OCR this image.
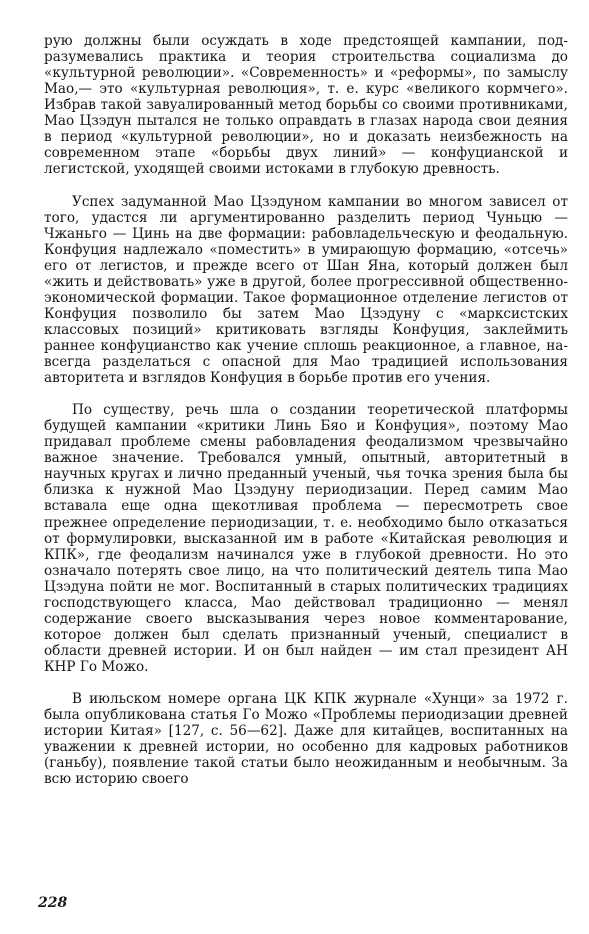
рую должны были осуждать в ходе предстоящей кампании, подразумевались практика и теория строительства социализма до «культурной революции». «Современность» и «реформы», по замыслу Мао,— это «культурная революция», т. е. курс «великого кормчего». Избрав такой завуалированный метод борьбы со своими противниками, Мао Цзэдун пытался не только оправдать в глазах народа свои деяния в период «культурной революции», но и доказать неизбежность на современном этапе «борьбы двух линий» — конфуцианской и легистской, уходящей своими истоками в глубокую древность.

Успех задуманной Мао Цзэдуном кампании во многом зависел от того, удастся ли аргументированно разделить период Чуньцю — Чжаньго — Цинь на две формации: рабовладельческую и феодальную. Конфуция надлежало «поместить» в умирающую формацию, «отсечь» его от легистов, и прежде всего от Шан Яна, который должен был «жить и действовать» уже в другой, более прогрессивной общественно-экономической формации. Такое формационное отделение легистов от Конфуция позволило бы затем Мао Цзэдуну с «марксистских классовых позиций» критиковать взгляды Конфуция, заклеймить раннее конфуцианство как учение сплошь реакционное, а главное, навсегда разделаться с опасной для Мао традицией использования авторитета и взглядов Конфуция в борьбе против его учения.

По существу, речь шла о создании теоретической платформы будущей кампании «критики Линь Бяо и Конфуция», поэтому Мао придавал проблеме смены рабовладения феодализмом чрезвычайно важное значение. Требовался умный, опытный, авторитетный в научных кругах и лично преданный ученый, чья точка зрения была бы близка к нужной Мао Цзэдуну периодизации. Перед самим Мао вставала еще одна щекотливая проблема — пересмотреть свое прежнее определение периодизации, т. е. необходимо было отказаться от формулировки, высказанной им в работе «Китайская революция и КПК», где феодализм начинался уже в глубокой древности. Но это означало потерять свое лицо, на что политический деятель типа Мао Цзэдуна пойти не мог. Воспитанный в старых политических традициях господствующего класса, Мао действовал традиционно — менял содержание своего высказывания через новое комментарование, которое должен был сделать признанный ученый, специалист в области древней истории. И он был найден — им стал президент АН КНР Го Можо.

В июльском номере органа ЦК КПК журнале «Хунци» за 1972 г. была опубликована статья Го Можо «Проблемы периодизации древней истории Китая» [127, с. 56—62]. Даже для китайцев, воспитанных на уважении к древней истории, но особенно для кадровых работников (ганьбу), появление такой статьи было неожиданным и необычным. За всю историю своего

228
